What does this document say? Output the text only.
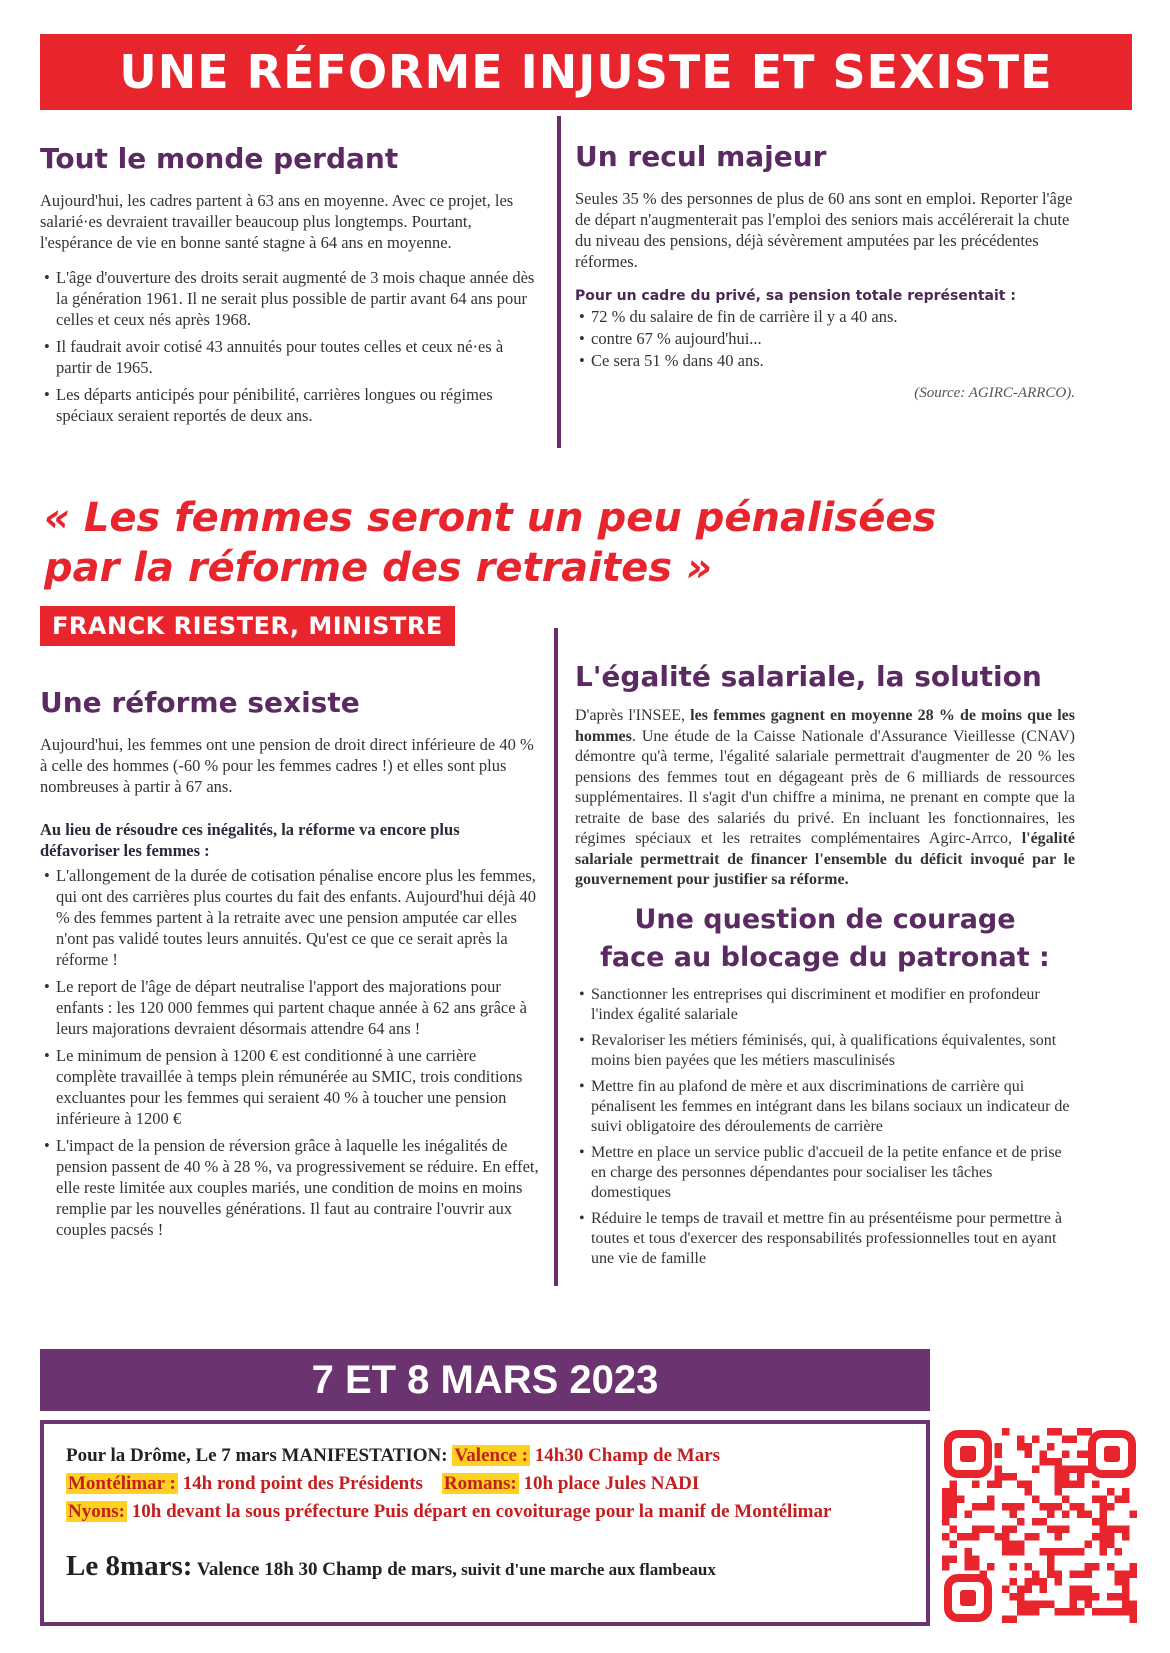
UNE RÉFORME INJUSTE ET SEXISTE
Tout le monde perdant

Aujourd'hui, les cadres partent à 63 ans en moyenne. Avec ce projet, les salarié·es devraient travailler beaucoup plus longtemps. Pourtant, l'espérance de vie en bonne santé stagne à 64 ans en moyenne.

• L'âge d'ouverture des droits serait augmenté de 3 mois chaque année dès la génération 1961. Il ne serait plus possible de partir avant 64 ans pour celles et ceux nés après 1968.
• Il faudrait avoir cotisé 43 annuités pour toutes celles et ceux né·es à partir de 1965.
• Les départs anticipés pour pénibilité, carrières longues ou régimes spéciaux seraient reportés de deux ans.
Un recul majeur

Seules 35 % des personnes de plus de 60 ans sont en emploi. Reporter l'âge de départ n'augmenterait pas l'emploi des seniors mais accélérerait la chute du niveau des pensions, déjà sévèrement amputées par les précédentes réformes.

Pour un cadre du privé, sa pension totale représentait :
• 72 % du salaire de fin de carrière il y a 40 ans.
• contre 67 % aujourd'hui...
• Ce sera 51 % dans 40 ans.
(Source: AGIRC-ARRCO).
« Les femmes seront un peu pénalisées
par la réforme des retraites »
FRANCK RIESTER, MINISTRE
Une réforme sexiste

Aujourd'hui, les femmes ont une pension de droit direct inférieure de 40 % à celle des hommes (-60 % pour les femmes cadres !) et elles sont plus nombreuses à partir à 67 ans.

Au lieu de résoudre ces inégalités, la réforme va encore plus défavoriser les femmes :

• L'allongement de la durée de cotisation pénalise encore plus les femmes, qui ont des carrières plus courtes du fait des enfants. Aujourd'hui déjà 40 % des femmes partent à la retraite avec une pension amputée car elles n'ont pas validé toutes leurs annuités. Qu'est ce que ce serait après la réforme !
• Le report de l'âge de départ neutralise l'apport des majorations pour enfants : les 120 000 femmes qui partent chaque année à 62 ans grâce à leurs majorations devraient désormais attendre 64 ans !
• Le minimum de pension à 1200 € est conditionné à une carrière complète travaillée à temps plein rémunérée au SMIC, trois conditions excluantes pour les femmes qui seraient 40 % à toucher une pension inférieure à 1200 €
• L'impact de la pension de réversion grâce à laquelle les inégalités de pension passent de 40 % à 28 %, va progressivement se réduire. En effet, elle reste limitée aux couples mariés, une condition de moins en moins remplie par les nouvelles générations. Il faut au contraire l'ouvrir aux couples pacsés !
L'égalité salariale, la solution

D'après l'INSEE, les femmes gagnent en moyenne 28 % de moins que les hommes. Une étude de la Caisse Nationale d'Assurance Vieillesse (CNAV) démontre qu'à terme, l'égalité salariale permettrait d'augmenter de 20 % les pensions des femmes tout en dégageant près de 6 milliards de ressources supplémentaires. Il s'agit d'un chiffre a minima, ne prenant en compte que la retraite de base des salariés du privé. En incluant les fonctionnaires, les régimes spéciaux et les retraites complémentaires Agirc-Arrco, l'égalité salariale permettrait de financer l'ensemble du déficit invoqué par le gouvernement pour justifier sa réforme.

Une question de courage
face au blocage du patronat :
• Sanctionner les entreprises qui discriminent et modifier en profondeur l'index égalité salariale
• Revaloriser les métiers féminisés, qui, à qualifications équivalentes, sont moins bien payées que les métiers masculinisés
• Mettre fin au plafond de mère et aux discriminations de carrière qui pénalisent les femmes en intégrant dans les bilans sociaux un indicateur de suivi obligatoire des déroulements de carrière
• Mettre en place un service public d'accueil de la petite enfance et de prise en charge des personnes dépendantes pour socialiser les tâches domestiques
• Réduire le temps de travail et mettre fin au présentéisme pour permettre à toutes et tous d'exercer des responsabilités professionnelles tout en ayant une vie de famille
7 ET 8 MARS 2023
Pour la Drôme, Le 7 mars MANIFESTATION: Valence : 14h30 Champ de Mars
Montélimar : 14h rond point des Présidents Romans: 10h place Jules NADI
Nyons: 10h devant la sous préfecture Puis départ en covoiturage pour la manif de Montélimar
Le 8mars: Valence 18h 30 Champ de mars, suivit d'une marche aux flambeaux
